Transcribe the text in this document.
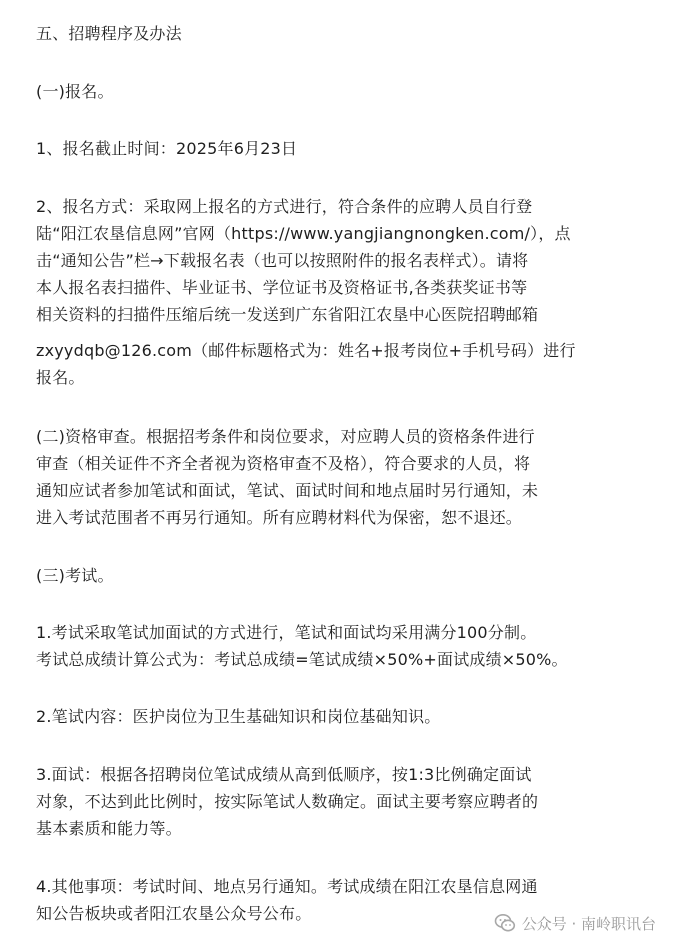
五、招聘程序及办法
(一)报名。
1、报名截止时间：2025年6月23日
2、报名方式：采取网上报名的方式进行，符合条件的应聘人员自行登
陆“阳江农垦信息网”官网（https://www.yangjiangnongken.com/），点
击“通知公告”栏→下载报名表（也可以按照附件的报名表样式）。请将
本人报名表扫描件、毕业证书、学位证书及资格证书,各类获奖证书等
相关资料的扫描件压缩后统一发送到广东省阳江农垦中心医院招聘邮箱
zxyydqb@126.com（邮件标题格式为：姓名+报考岗位+手机号码）进行
报名。
(二)资格审查。根据招考条件和岗位要求，对应聘人员的资格条件进行
审查（相关证件不齐全者视为资格审查不及格），符合要求的人员，将
通知应试者参加笔试和面试，笔试、面试时间和地点届时另行通知，未
进入考试范围者不再另行通知。所有应聘材料代为保密，恕不退还。
(三)考试。
1.考试采取笔试加面试的方式进行，笔试和面试均采用满分100分制。
考试总成绩计算公式为：考试总成绩=笔试成绩×50%+面试成绩×50%。
2.笔试内容：医护岗位为卫生基础知识和岗位基础知识。
3.面试：根据各招聘岗位笔试成绩从高到低顺序，按1:3比例确定面试
对象，不达到此比例时，按实际笔试人数确定。面试主要考察应聘者的
基本素质和能力等。
4.其他事项：考试时间、地点另行通知。考试成绩在阳江农垦信息网通
知公告板块或者阳江农垦公众号公布。
公众号 · 南岭职讯台
